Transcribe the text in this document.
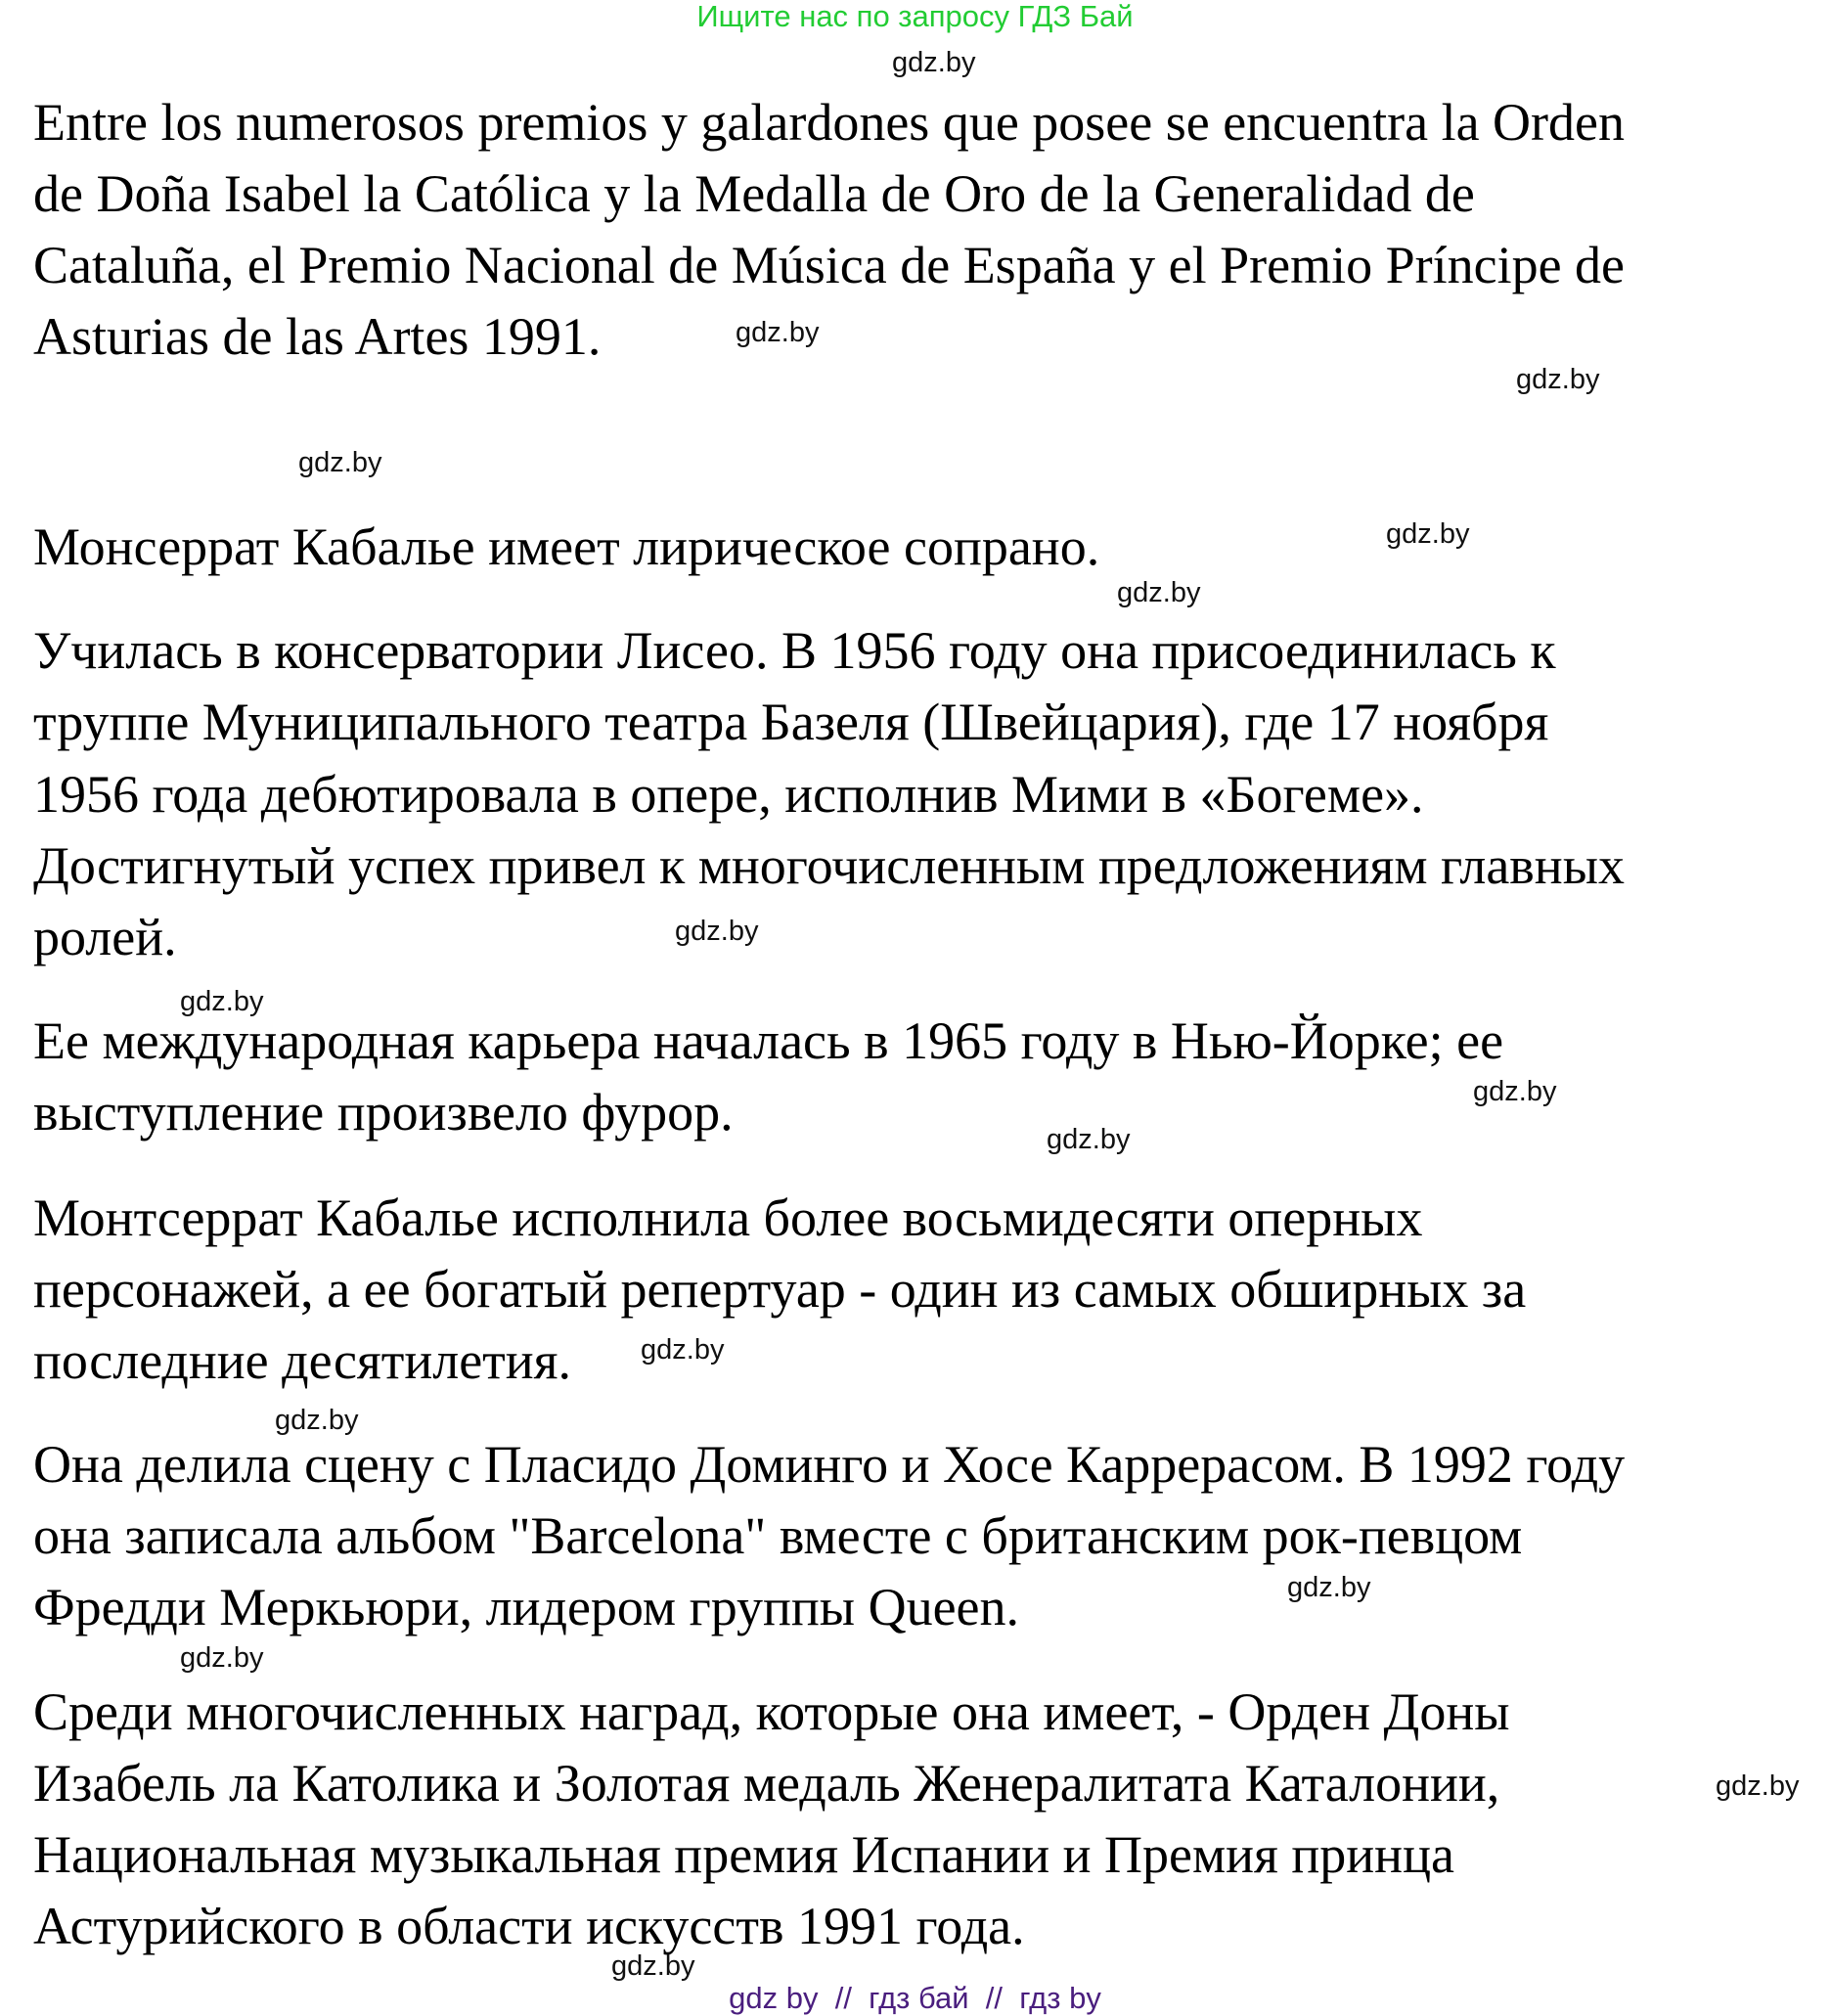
Ищите нас по запросу ГДЗ Бай
Entre los numerosos premios y galardones que posee se encuentra la Orden
de Doña Isabel la Católica y la Medalla de Oro de la Generalidad de
Cataluña, el Premio Nacional de Música de España y el Premio Príncipe de
Asturias de las Artes 1991.
Монсеррат Кабалье имеет лирическое сопрано.
Училась в консерватории Лисео. В 1956 году она присоединилась к
труппе Муниципального театра Базеля (Швейцария), где 17 ноября
1956 года дебютировала в опере, исполнив Мими в «Богеме».
Достигнутый успех привел к многочисленным предложениям главных
ролей.
Ее международная карьера началась в 1965 году в Нью-Йорке; ее
выступление произвело фурор.
Монтсеррат Кабалье исполнила более восьмидесяти оперных
персонажей, а ее богатый репертуар - один из самых обширных за
последние десятилетия.
Она делила сцену с Пласидо Доминго и Хосе Каррерасом. В 1992 году
она записала альбом "Barcelona" вместе с британским рок-певцом
Фредди Меркьюри, лидером группы Queen.
Среди многочисленных наград, которые она имеет, - Орден Доны
Изабель ла Католика и Золотая медаль Женералитата Каталонии,
Национальная музыкальная премия Испании и Премия принца
Астурийского в области искусств 1991 года.
gdz.by
gdz.by
gdz.by
gdz.by
gdz.by
gdz.by
gdz.by
gdz.by
gdz.by
gdz.by
gdz.by
gdz.by
gdz.by
gdz.by
gdz.by
gdz.by
gdz by  //  гдз бай  //  гдз by
